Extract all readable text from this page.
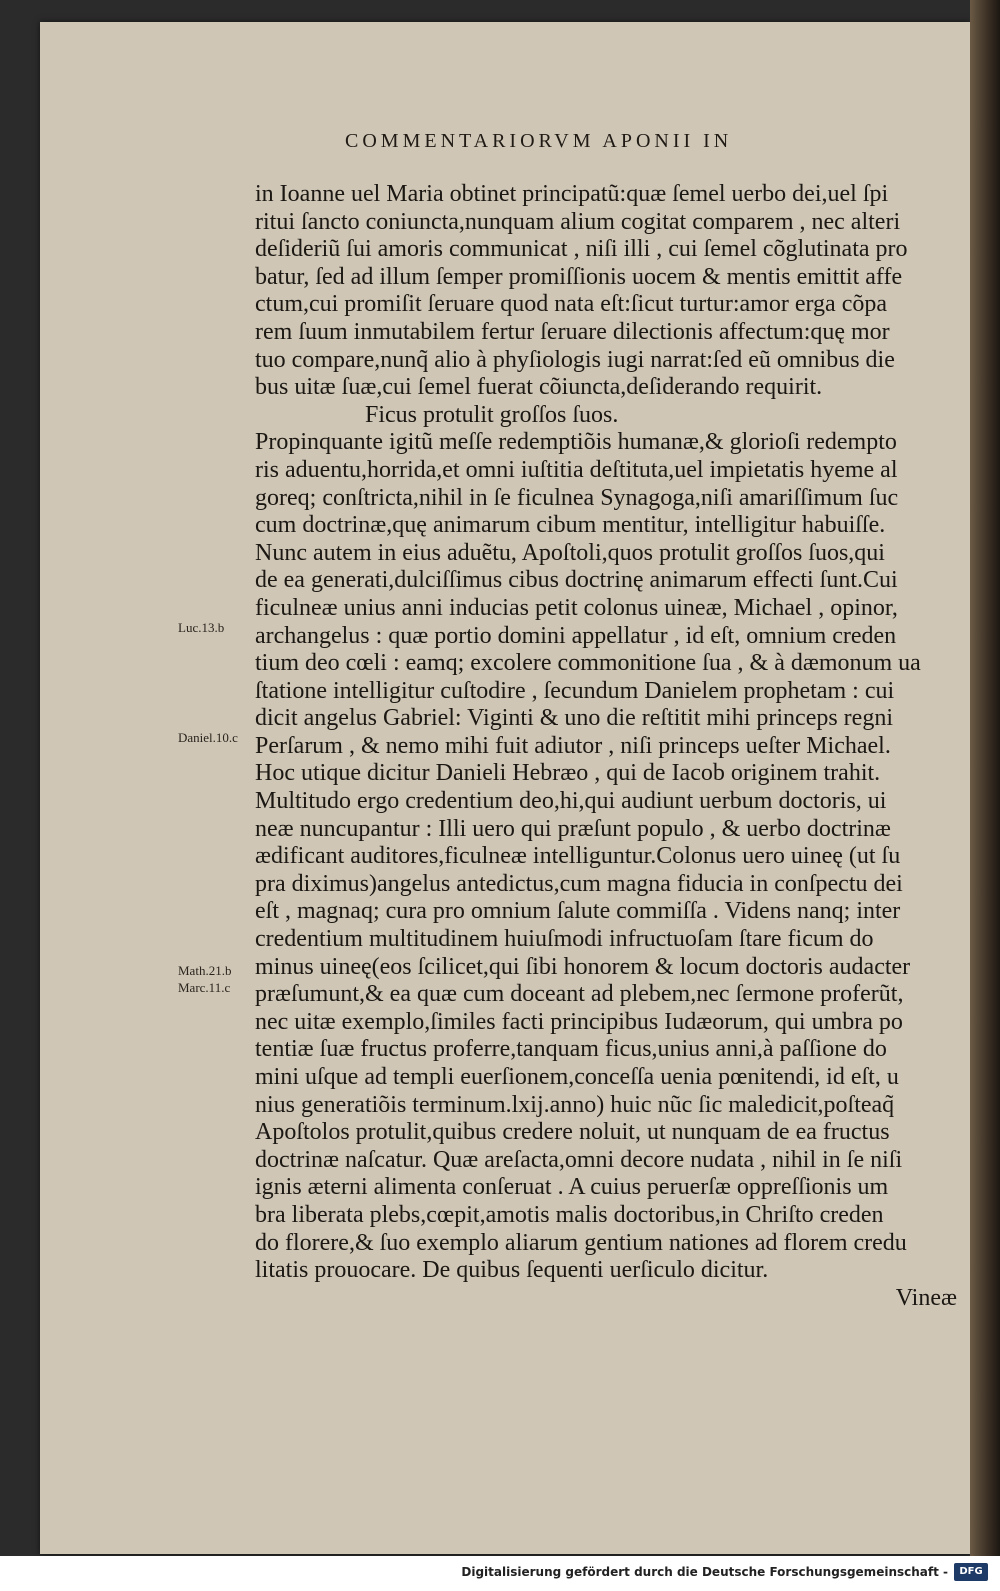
COMMENTARIORVM APONII IN
in Ioanne uel Maria obtinet principatũ:quæ ſemel uerbo dei,uel ſpi
ritui ſancto coniuncta,nunquam alium cogitat comparem , nec alteri
deſideriũ ſui amoris communicat , niſi illi , cui ſemel cõglutinata pro
batur, ſed ad illum ſemper promiſſionis uocem & mentis emittit affe
ctum,cui promiſit ſeruare quod nata eſt:ſicut turtur:amor erga cõpa
rem ſuum inmutabilem fertur ſeruare dilectionis affectum:quę mor
tuo compare,nunq̃ alio à phyſiologis iugi narrat:ſed eũ omnibus die
bus uitæ ſuæ,cui ſemel fuerat cõiuncta,deſiderando requirit.
Ficus protulit groſſos ſuos.
Propinquante igitũ meſſe redemptiõis humanæ,& glorioſi redempto
ris aduentu,horrida,et omni iuſtitia deſtituta,uel impietatis hyeme al
goreq; conſtricta,nihil in ſe ficulnea Synagoga,niſi amariſſimum ſuc
cum doctrinæ,quę animarum cibum mentitur, intelligitur habuiſſe.
Nunc autem in eius aduẽtu, Apoſtoli,quos protulit groſſos ſuos,qui
de ea generati,dulciſſimus cibus doctrinę animarum effecti ſunt.Cui
ficulneæ unius anni inducias petit colonus uineæ, Michael , opinor,
archangelus : quæ portio domini appellatur , id eſt, omnium creden
tium deo cœli : eamq; excolere commonitione ſua , & à dæmonum ua
ſtatione intelligitur cuſtodire , ſecundum Danielem prophetam : cui
dicit angelus Gabriel: Viginti & uno die reſtitit mihi princeps regni
Perſarum , & nemo mihi fuit adiutor , niſi princeps ueſter Michael.
Hoc utique dicitur Danieli Hebræo , qui de Iacob originem trahit.
Multitudo ergo credentium deo,hi,qui audiunt uerbum doctoris, ui
neæ nuncupantur : Illi uero qui præſunt populo , & uerbo doctrinæ
ædificant auditores,ficulneæ intelliguntur.Colonus uero uineę (ut ſu
pra diximus)angelus antedictus,cum magna fiducia in conſpectu dei
eſt , magnaq; cura pro omnium ſalute commiſſa . Videns nanq; inter
credentium multitudinem huiuſmodi infructuoſam ſtare ficum do
minus uineę(eos ſcilicet,qui ſibi honorem & locum doctoris audacter
præſumunt,& ea quæ cum doceant ad plebem,nec ſermone proferũt,
nec uitæ exemplo,ſimiles facti principibus Iudæorum, qui umbra po
tentiæ ſuæ fructus proferre,tanquam ficus,unius anni,à paſſione do
mini uſque ad templi euerſionem,conceſſa uenia pœnitendi, id eſt, u
nius generatiõis terminum.lxij.anno) huic nũc ſic maledicit,poſteaq̃
Apoſtolos protulit,quibus credere noluit, ut nunquam de ea fructus
doctrinæ naſcatur. Quæ areſacta,omni decore nudata , nihil in ſe niſi
ignis æterni alimenta conſeruat . A cuius peruerſæ oppreſſionis um
bra liberata plebs,cœpit,amotis malis doctoribus,in Chriſto creden
do florere,& ſuo exemplo aliarum gentium nationes ad florem credu
litatis prouocare. De quibus ſequenti uerſiculo dicitur.
Vineæ
Luc.13.b
Daniel.10.c
Math.21.b
Marc.11.c
Digitalisierung gefördert durch die Deutsche Forschungsgemeinschaft -	DFG
